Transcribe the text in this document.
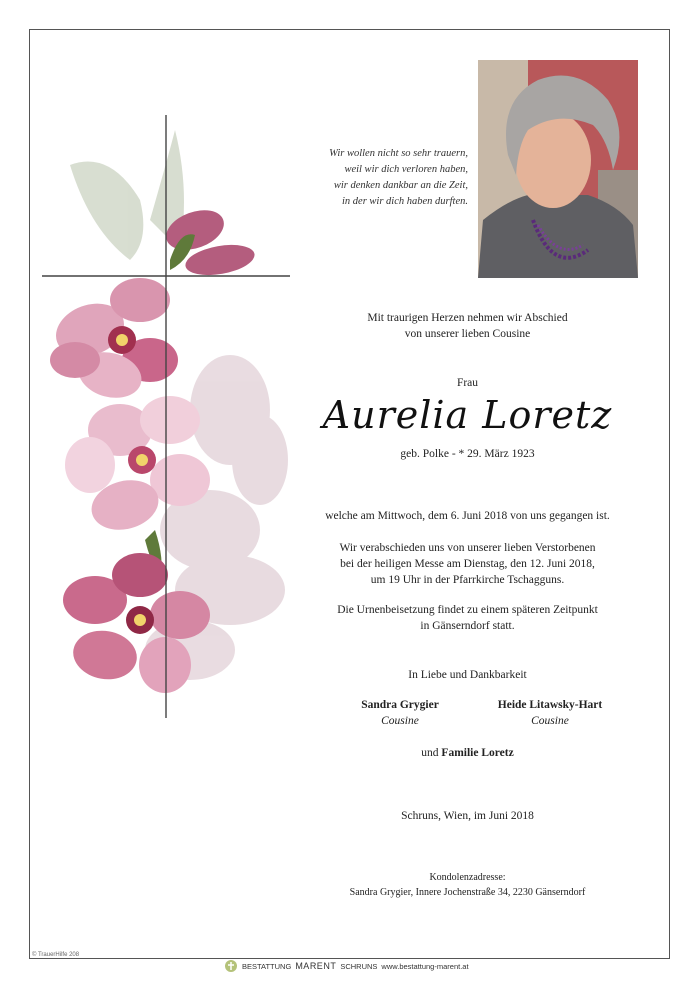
Wir wollen nicht so sehr trauern,
weil wir dich verloren haben,
wir denken dankbar an die Zeit,
in der wir dich haben durften.
Mit traurigen Herzen nehmen wir Abschied
von unserer lieben Cousine
Frau
Aurelia Loretz
geb. Polke - * 29. März 1923
welche am Mittwoch, dem 6. Juni 2018 von uns gegangen ist.
Wir verabschieden uns von unserer lieben Verstorbenen
bei der heiligen Messe am Dienstag, den 12. Juni 2018,
um 19 Uhr in der Pfarrkirche Tschagguns.
Die Urnenbeisetzung findet zu einem späteren Zeitpunkt
in Gänserndorf statt.
In Liebe und Dankbarkeit
Sandra Grygier
Cousine
Heide Litawsky-Hart
Cousine
und Familie Loretz
Schruns, Wien, im Juni 2018
Kondolenzadresse:
Sandra Grygier, Innere Jochenstraße 34, 2230 Gänserndorf
© TrauerHilfe 208
BESTATTUNG MARENT SCHRUNS www.bestattung-marent.at
